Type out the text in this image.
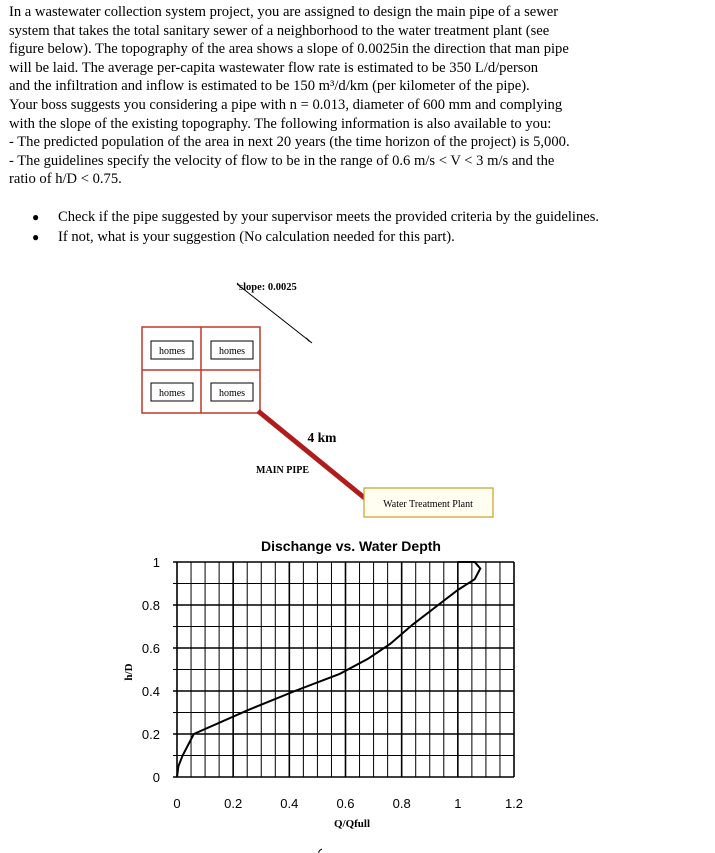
In a wastewater collection system project, you are assigned to design the main pipe of a sewer

system that takes the total sanitary sewer of a neighborhood to the water treatment plant (see

figure below). The topography of the area shows a slope of 0.0025in the direction that man pipe

will be laid. The average per-capita wastewater flow rate is estimated to be 350 L/d/person

and the infiltration and inflow is estimated to be 150 m³/d/km (per kilometer of the pipe).

Your boss suggests you considering a pipe with n = 0.013, diameter of 600 mm and complying

with the slope of the existing topography. The following information is also available to you:

- The predicted population of the area in next 20 years (the time horizon of the project) is 5,000.

- The guidelines specify the velocity of flow to be in the range of 0.6 m/s < V < 3 m/s and the

ratio of h/D < 0.75.

● Check if the pipe suggested by your supervisor meets the provided criteria by the guidelines.
● If not, what is your suggestion (No calculation needed for this part).
slope: 0.0025
homes	homes
homes	homes
4 km
MAIN PIPE
Water Treatment Plant
Dischange vs. Water Depth
0
0.2
0.4
0.6
0.8
1
0	0.2	0.4	0.6	0.8	1	1.2
h/D
Q/Qfull
